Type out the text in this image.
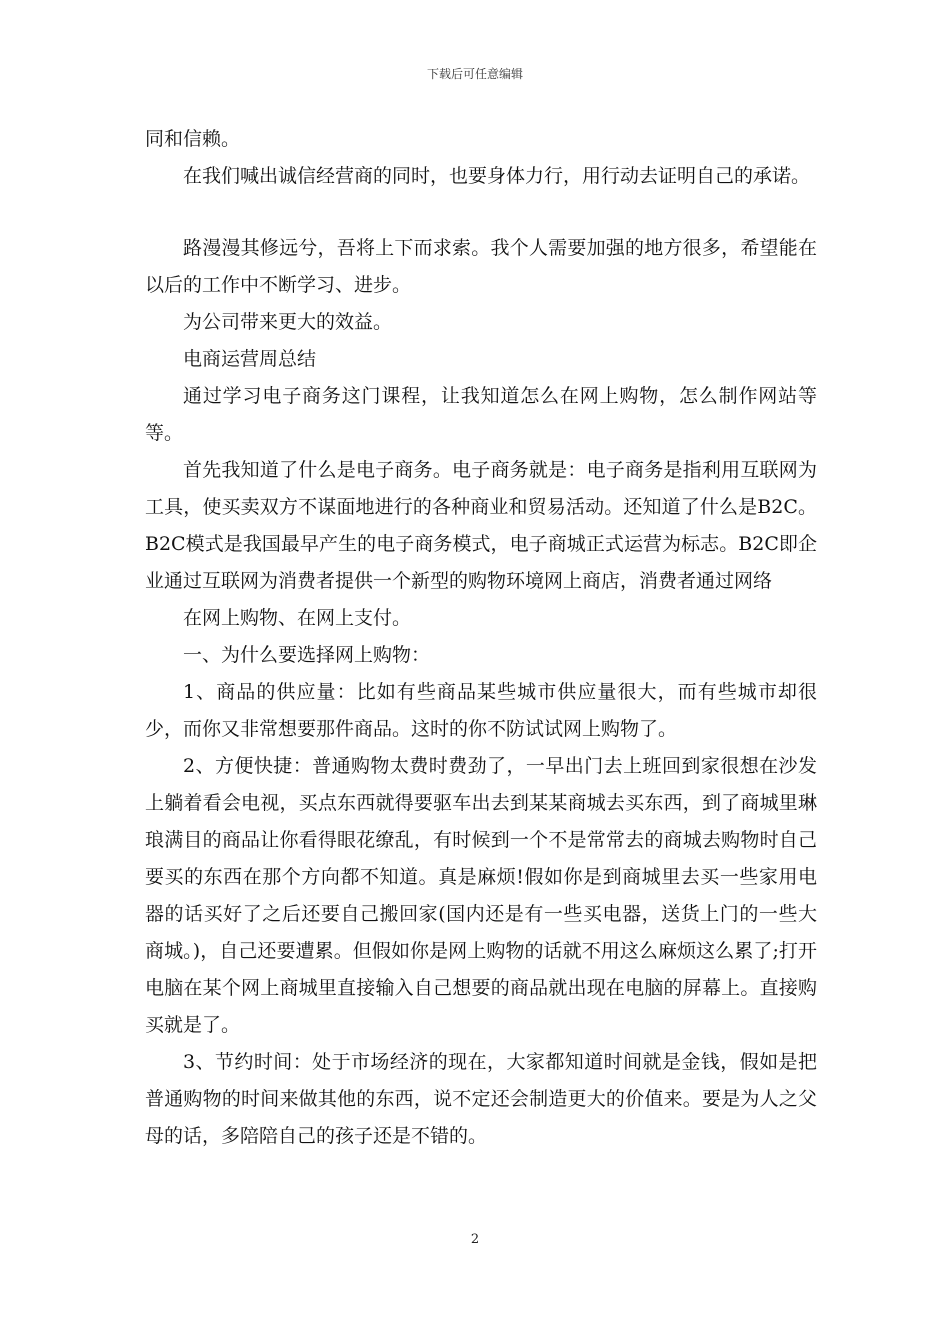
下载后可任意编辑

同和信赖。

在我们喊出诚信经营商的同时，也要身体力行，用行动去证明自己的承诺。

路漫漫其修远兮，吾将上下而求索。我个人需要加强的地方很多，希望能在以后的工作中不断学习、进步。

为公司带来更大的效益。

电商运营周总结

通过学习电子商务这门课程，让我知道怎么在网上购物，怎么制作网站等等。

首先我知道了什么是电子商务。电子商务就是：电子商务是指利用互联网为工具，使买卖双方不谋面地进行的各种商业和贸易活动。还知道了什么是B2C。B2C模式是我国最早产生的电子商务模式，电子商城正式运营为标志。B2C即企业通过互联网为消费者提供一个新型的购物环境网上商店，消费者通过网络

在网上购物、在网上支付。

一、为什么要选择网上购物：

1、商品的供应量：比如有些商品某些城市供应量很大，而有些城市却很少，而你又非常想要那件商品。这时的你不防试试网上购物了。

2、方便快捷：普通购物太费时费劲了，一早出门去上班回到家很想在沙发上躺着看会电视，买点东西就得要驱车出去到某某商城去买东西，到了商城里琳琅满目的商品让你看得眼花缭乱，有时候到一个不是常常去的商城去购物时自己要买的东西在那个方向都不知道。真是麻烦!假如你是到商城里去买一些家用电器的话买好了之后还要自己搬回家(国内还是有一些买电器，送货上门的一些大商城。)，自己还要遭累。但假如你是网上购物的话就不用这么麻烦这么累了;打开电脑在某个网上商城里直接输入自己想要的商品就出现在电脑的屏幕上。直接购买就是了。

3、节约时间：处于市场经济的现在，大家都知道时间就是金钱，假如是把普通购物的时间来做其他的东西，说不定还会制造更大的价值来。要是为人之父母的话，多陪陪自己的孩子还是不错的。

2
